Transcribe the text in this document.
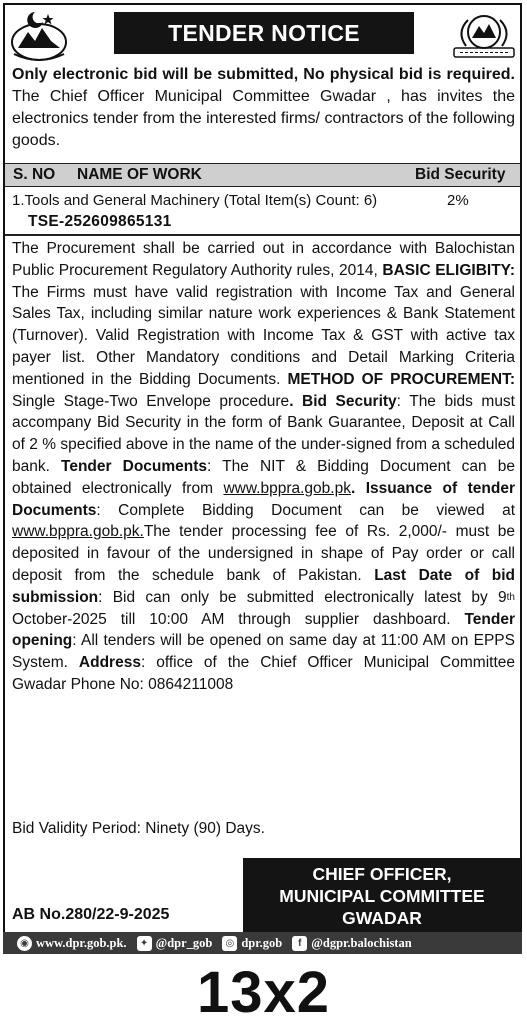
TENDER NOTICE

Only electronic bid will be submitted, No physical bid is required. The Chief Officer Municipal Committee Gwadar , has invites the electronics tender from the interested firms/ contractors of the following goods.

S. NO NAME OF WORK	Bid Security
1.Tools and General Machinery (Total Item(s) Count: 6)	2%
TSE-252609865131

The Procurement shall be carried out in accordance with Balochistan Public Procurement Regulatory Authority rules, 2014, BASIC ELIGIBITY: The Firms must have valid registration with Income Tax and General Sales Tax, including similar nature work experiences & Bank Statement (Turnover). Valid Registration with Income Tax & GST with active tax payer list. Other Mandatory conditions and Detail Marking Criteria mentioned in the Bidding Documents. METHOD OF PROCUREMENT: Single Stage-Two Envelope procedure. Bid Security: The bids must accompany Bid Security in the form of Bank Guarantee, Deposit at Call of 2 % specified above in the name of the under-signed from a scheduled bank. Tender Documents: The NIT & Bidding Document can be obtained electronically from www.bppra.gob.pk. Issuance of tender Documents: Complete Bidding Document can be viewed at www.bppra.gob.pk.The tender processing fee of Rs. 2,000/- must be deposited in favour of the undersigned in shape of Pay order or call deposit from the schedule bank of Pakistan. Last Date of bid submission: Bid can only be submitted electronically latest by 9th October-2025 till 10:00 AM through supplier dashboard. Tender opening: All tenders will be opened on same day at 11:00 AM on EPPS System. Address: office of the Chief Officer Municipal Committee Gwadar Phone No: 0864211008

Bid Validity Period: Ninety (90) Days.
CHIEF OFFICER,
MUNICIPAL COMMITTEE
GWADAR
AB No.280/22-9-2025
◉ www.dpr.gob.pk.	✦ @dpr_gob	◎ dpr.gob	f @dgpr.balochistan
13x2
